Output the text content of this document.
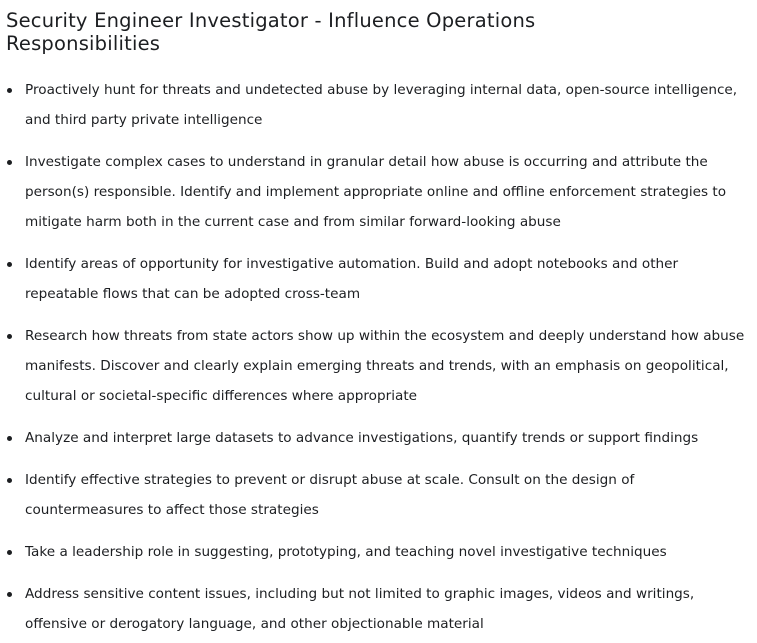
Security Engineer Investigator - Influence Operations
Responsibilities
Proactively hunt for threats and undetected abuse by leveraging internal data, open-source intelligence, and third party private intelligence
Investigate complex cases to understand in granular detail how abuse is occurring and attribute the person(s) responsible. Identify and implement appropriate online and offline enforcement strategies to mitigate harm both in the current case and from similar forward-looking abuse
Identify areas of opportunity for investigative automation. Build and adopt notebooks and other repeatable flows that can be adopted cross-team
Research how threats from state actors show up within the ecosystem and deeply understand how abuse manifests. Discover and clearly explain emerging threats and trends, with an emphasis on geopolitical, cultural or societal-specific differences where appropriate
Analyze and interpret large datasets to advance investigations, quantify trends or support findings
Identify effective strategies to prevent or disrupt abuse at scale. Consult on the design of countermeasures to affect those strategies
Take a leadership role in suggesting, prototyping, and teaching novel investigative techniques
Address sensitive content issues, including but not limited to graphic images, videos and writings, offensive or derogatory language, and other objectionable material
